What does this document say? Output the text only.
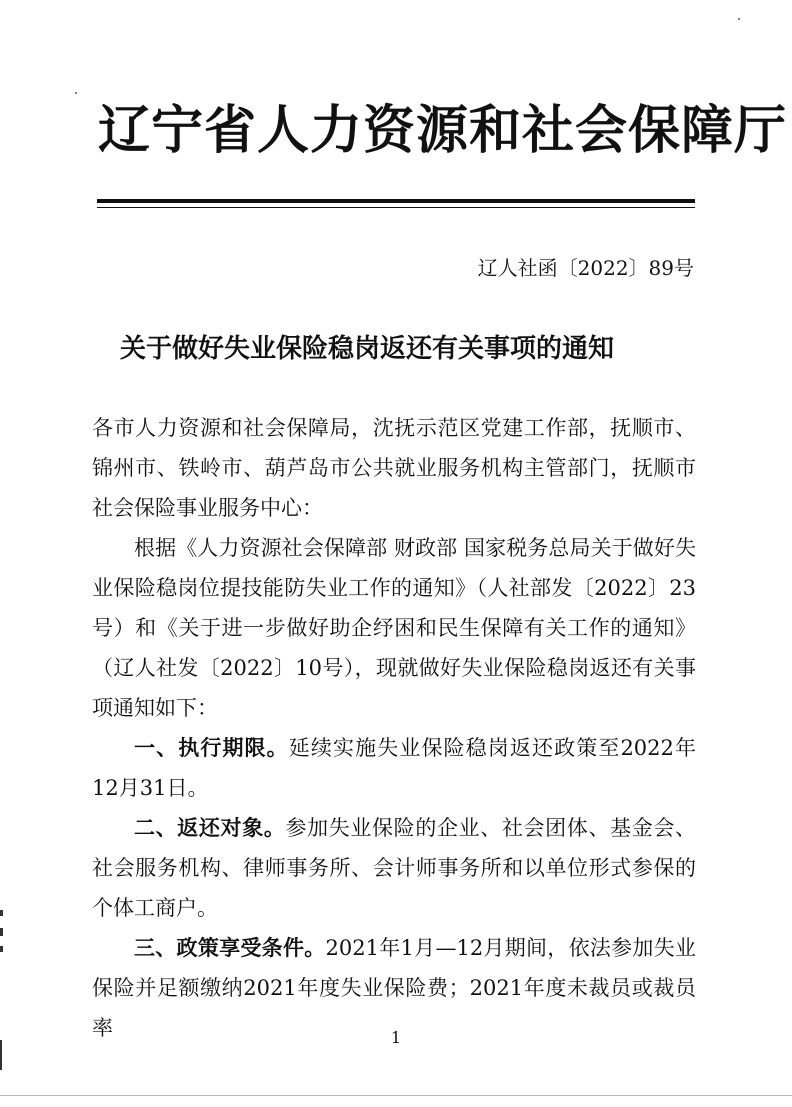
辽宁省人力资源和社会保障厅
辽人社函〔2022〕89号
关于做好失业保险稳岗返还有关事项的通知

各市人力资源和社会保障局，沈抚示范区党建工作部，抚顺市、锦州市、铁岭市、葫芦岛市公共就业服务机构主管部门，抚顺市社会保险事业服务中心：

根据《人力资源社会保障部 财政部 国家税务总局关于做好失业保险稳岗位提技能防失业工作的通知》（人社部发〔2022〕23号）和《关于进一步做好助企纾困和民生保障有关工作的通知》（辽人社发〔2022〕10号），现就做好失业保险稳岗返还有关事项通知如下：

一、执行期限。延续实施失业保险稳岗返还政策至2022年12月31日。

二、返还对象。参加失业保险的企业、社会团体、基金会、社会服务机构、律师事务所、会计师事务所和以单位形式参保的个体工商户。

三、政策享受条件。2021年1月—12月期间，依法参加失业保险并足额缴纳2021年度失业保险费；2021年度未裁员或裁员率	1
